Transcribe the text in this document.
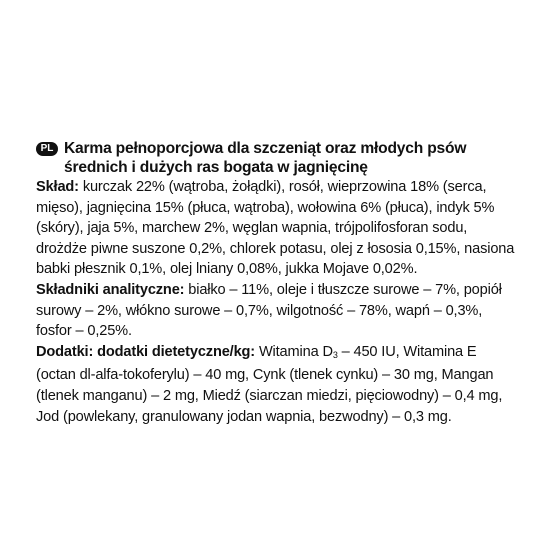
PL Karma pełnoporcjowa dla szczeniąt oraz młodych psów średnich i dużych ras bogata w jagnięcinę
Skład: kurczak 22% (wątroba, żołądki), rosół, wieprzowina 18% (serca, mięso), jagnięcina 15% (płuca, wątroba), wołowina 6% (płuca), indyk 5% (skóry), jaja 5%, marchew 2%, węglan wapnia, trójpolifosforan sodu, drożdże piwne suszone 0,2%, chlorek potasu, olej z łososia 0,15%, nasiona babki płesznik 0,1%, olej lniany 0,08%, jukka Mojave 0,02%.
Składniki analityczne: białko – 11%, oleje i tłuszcze surowe – 7%, popiół surowy – 2%, włókno surowe – 0,7%, wilgotność – 78%, wapń – 0,3%, fosfor – 0,25%.
Dodatki: dodatki dietetyczne/kg: Witamina $D_3 - 450$ IU, Witamina E (octan dl-alfa-tokoferylu) – 40 mg, Cynk (tlenek cynku) – 30 mg, Mangan (tlenek manganu) – 2 mg, Miedź (siarczan miedzi, pięciowodny) – 0,4 mg, Jod (powlekany, granulowany jodan wapnia, bezwodny) – 0,3 mg.
